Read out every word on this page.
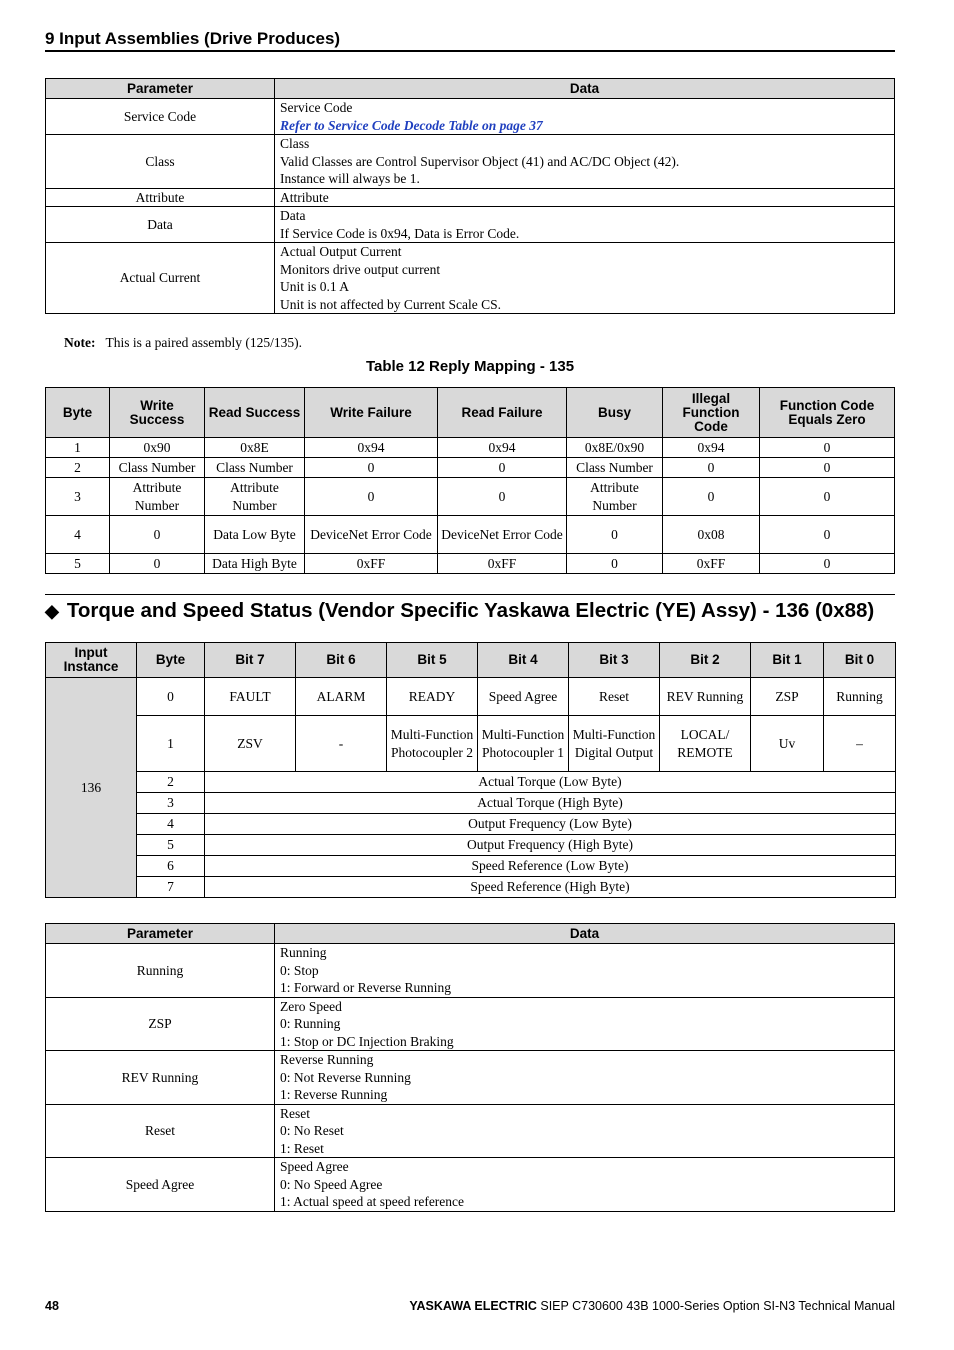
9 Input Assemblies (Drive Produces)
Parameter	Data
Service Code	Service Code
Refer to Service Code Decode Table on page 37

Class	Class
Valid Classes are Control Supervisor Object (41) and AC/DC Object (42).
Instance will always be 1.

Attribute	Attribute

Data	Data
If Service Code is 0x94, Data is Error Code.

Actual Current	Actual Output Current
Monitors drive output current
Unit is 0.1 A
Unit is not affected by Current Scale CS.
Note: This is a paired assembly (125/135).
Table 12 Reply Mapping - 135
Byte	Write Success	Read Success	Write Failure	Read Failure	Busy	Illegal Function Code	Function Code Equals Zero
1	0x90	0x8E	0x94	0x94	0x8E/0x90	0x94	0
2	Class Number	Class Number	0	0	Class Number	0	0
3	Attribute Number	Attribute Number	0	0	Attribute Number	0	0
4	0	Data Low Byte	DeviceNet Error Code	DeviceNet Error Code	0	0x08	0
5	0	Data High Byte	0xFF	0xFF	0	0xFF	0
◆ Torque and Speed Status (Vendor Specific Yaskawa Electric (YE) Assy) - 136 (0x88)
Input Instance	Byte	Bit 7	Bit 6	Bit 5	Bit 4	Bit 3	Bit 2	Bit 1	Bit 0
136	0	FAULT	ALARM	READY	Speed Agree	Reset	REV Running	ZSP	Running
	1	ZSV	-	Multi-Function Photocoupler 2	Multi-Function Photocoupler 1	Multi-Function Digital Output	LOCAL/ REMOTE	Uv	–
	2	Actual Torque (Low Byte)							
	3	Actual Torque (High Byte)							
	4	Output Frequency (Low Byte)							
	5	Output Frequency (High Byte)							
	6	Speed Reference (Low Byte)							
	7	Speed Reference (High Byte)							
Parameter	Data
Running	Running
0: Stop
1: Forward or Reverse Running

ZSP	Zero Speed
0: Running
1: Stop or DC Injection Braking

REV Running	Reverse Running
0: Not Reverse Running
1: Reverse Running

Reset	Reset
0: No Reset
1: Reset

Speed Agree	Speed Agree
0: No Speed Agree
1: Actual speed at speed reference
48	YASKAWA ELECTRIC SIEP C730600 43B 1000-Series Option SI-N3 Technical Manual
